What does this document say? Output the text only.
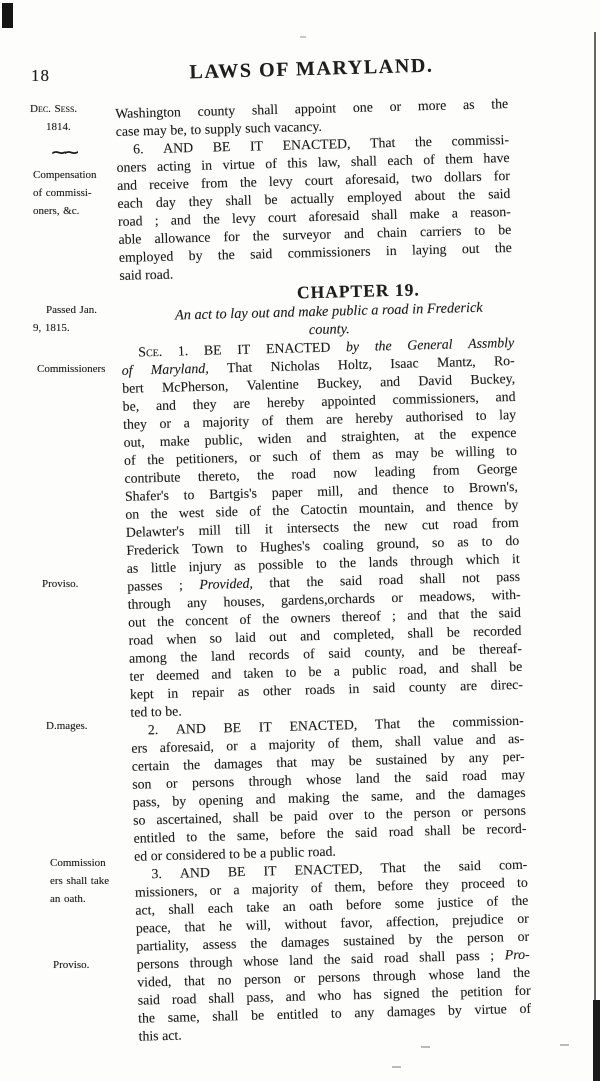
18	LAWS OF MARYLAND.
Dec. Sess.
1814.
∼∼
Compensation
of commissi-
oners, &c.
Passed Jan.
9, 1815.
Commissioners
Proviso.
D.mages.
Commission
ers shall take
an oath.
Proviso.
Washington county shall appoint one or more as the
case may be, to supply such vacancy.
6. AND BE IT ENACTED, That the commissi-
oners acting in virtue of this law, shall each of them have
and receive from the levy court aforesaid, two dollars for
each day they shall be actually employed about the said
road ; and the levy court aforesaid shall make a reason-
able allowance for the surveyor and chain carriers to be
employed by the said commissioners in laying out the
said road.
CHAPTER 19.
An act to lay out and make public a road in Frederick
county.
Sce. 1. BE IT ENACTED by the General Assmbly
of Maryland, That Nicholas Holtz, Isaac Mantz, Ro-
bert McPherson, Valentine Buckey, and David Buckey,
be, and they are hereby appointed commissioners, and
they or a majority of them are hereby authorised to lay
out, make public, widen and straighten, at the expence
of the petitioners, or such of them as may be willing to
contribute thereto, the road now leading from George
Shafer's to Bartgis's paper mill, and thence to Brown's,
on the west side of the Catoctin mountain, and thence by
Delawter's mill till it intersects the new cut road from
Frederick Town to Hughes's coaling ground, so as to do
as little injury as possible to the lands through which it
passes ; Provided, that the said road shall not pass
through any houses, gardens,orchards or meadows, with-
out the concent of the owners thereof ; and that the said
road when so laid out and completed, shall be recorded
among the land records of said county, and be thereaf-
ter deemed and taken to be a public road, and shall be
kept in repair as other roads in said county are direc-
ted to be.
2. AND BE IT ENACTED, That the commission-
ers aforesaid, or a majority of them, shall value and as-
certain the damages that may be sustained by any per-
son or persons through whose land the said road may
pass, by opening and making the same, and the damages
so ascertained, shall be paid over to the person or persons
entitled to the same, before the said road shall be record-
ed or considered to be a public road.
3. AND BE IT ENACTED, That the said com-
missioners, or a majority of them, before they proceed to
act, shall each take an oath before some justice of the
peace, that he will, without favor, affection, prejudice or
partiality, assess the damages sustained by the person or
persons through whose land the said road shall pass ; Pro-
vided, that no person or persons through whose land the
said road shall pass, and who has signed the petition for
the same, shall be entitled to any damages by virtue of
this act.
